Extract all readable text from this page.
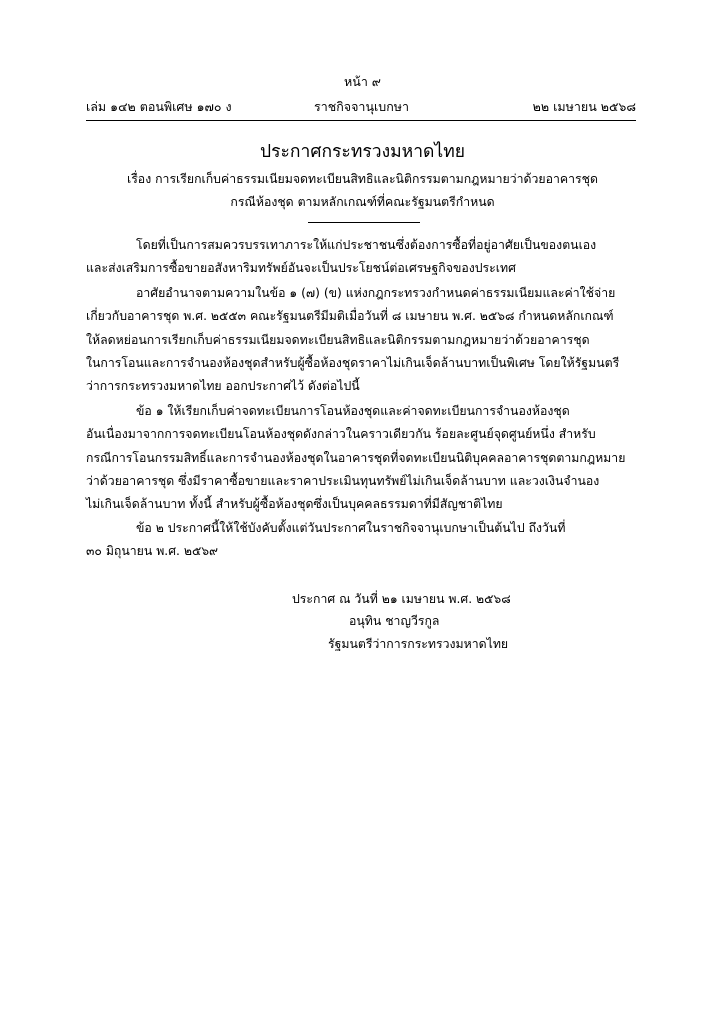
หน้า ๙
เล่ม ๑๔๒ ตอนพิเศษ ๑๗๐ ง	ราชกิจจานุเบกษา	๒๒ เมษายน ๒๕๖๘
ประกาศกระทรวงมหาดไทย
เรื่อง การเรียกเก็บค่าธรรมเนียมจดทะเบียนสิทธิและนิติกรรมตามกฎหมายว่าด้วยอาคารชุด
กรณีห้องชุด ตามหลักเกณฑ์ที่คณะรัฐมนตรีกำหนด
โดยที่เป็นการสมควรบรรเทาภาระให้แก่ประชาชนซึ่งต้องการซื้อที่อยู่อาศัยเป็นของตนเอง
และส่งเสริมการซื้อขายอสังหาริมทรัพย์อันจะเป็นประโยชน์ต่อเศรษฐกิจของประเทศ
อาศัยอำนาจตามความในข้อ ๑ (๗) (ข) แห่งกฎกระทรวงกำหนดค่าธรรมเนียมและค่าใช้จ่าย
เกี่ยวกับอาคารชุด พ.ศ. ๒๕๕๓ คณะรัฐมนตรีมีมติเมื่อวันที่ ๘ เมษายน พ.ศ. ๒๕๖๘ กำหนดหลักเกณฑ์
ให้ลดหย่อนการเรียกเก็บค่าธรรมเนียมจดทะเบียนสิทธิและนิติกรรมตามกฎหมายว่าด้วยอาคารชุด
ในการโอนและการจำนองห้องชุดสำหรับผู้ซื้อห้องชุดราคาไม่เกินเจ็ดล้านบาทเป็นพิเศษ โดยให้รัฐมนตรี
ว่าการกระทรวงมหาดไทย ออกประกาศไว้ ดังต่อไปนี้
ข้อ ๑ ให้เรียกเก็บค่าจดทะเบียนการโอนห้องชุดและค่าจดทะเบียนการจำนองห้องชุด
อันเนื่องมาจากการจดทะเบียนโอนห้องชุดดังกล่าวในคราวเดียวกัน ร้อยละศูนย์จุดศูนย์หนึ่ง สำหรับ
กรณีการโอนกรรมสิทธิ์และการจำนองห้องชุดในอาคารชุดที่จดทะเบียนนิติบุคคลอาคารชุดตามกฎหมาย
ว่าด้วยอาคารชุด ซึ่งมีราคาซื้อขายและราคาประเมินทุนทรัพย์ไม่เกินเจ็ดล้านบาท และวงเงินจำนอง
ไม่เกินเจ็ดล้านบาท ทั้งนี้ สำหรับผู้ซื้อห้องชุดซึ่งเป็นบุคคลธรรมดาที่มีสัญชาติไทย
ข้อ ๒ ประกาศนี้ให้ใช้บังคับตั้งแต่วันประกาศในราชกิจจานุเบกษาเป็นต้นไป ถึงวันที่
๓๐ มิถุนายน พ.ศ. ๒๕๖๙
ประกาศ ณ วันที่ ๒๑ เมษายน พ.ศ. ๒๕๖๘
อนุทิน ชาญวีรกูล
รัฐมนตรีว่าการกระทรวงมหาดไทย
